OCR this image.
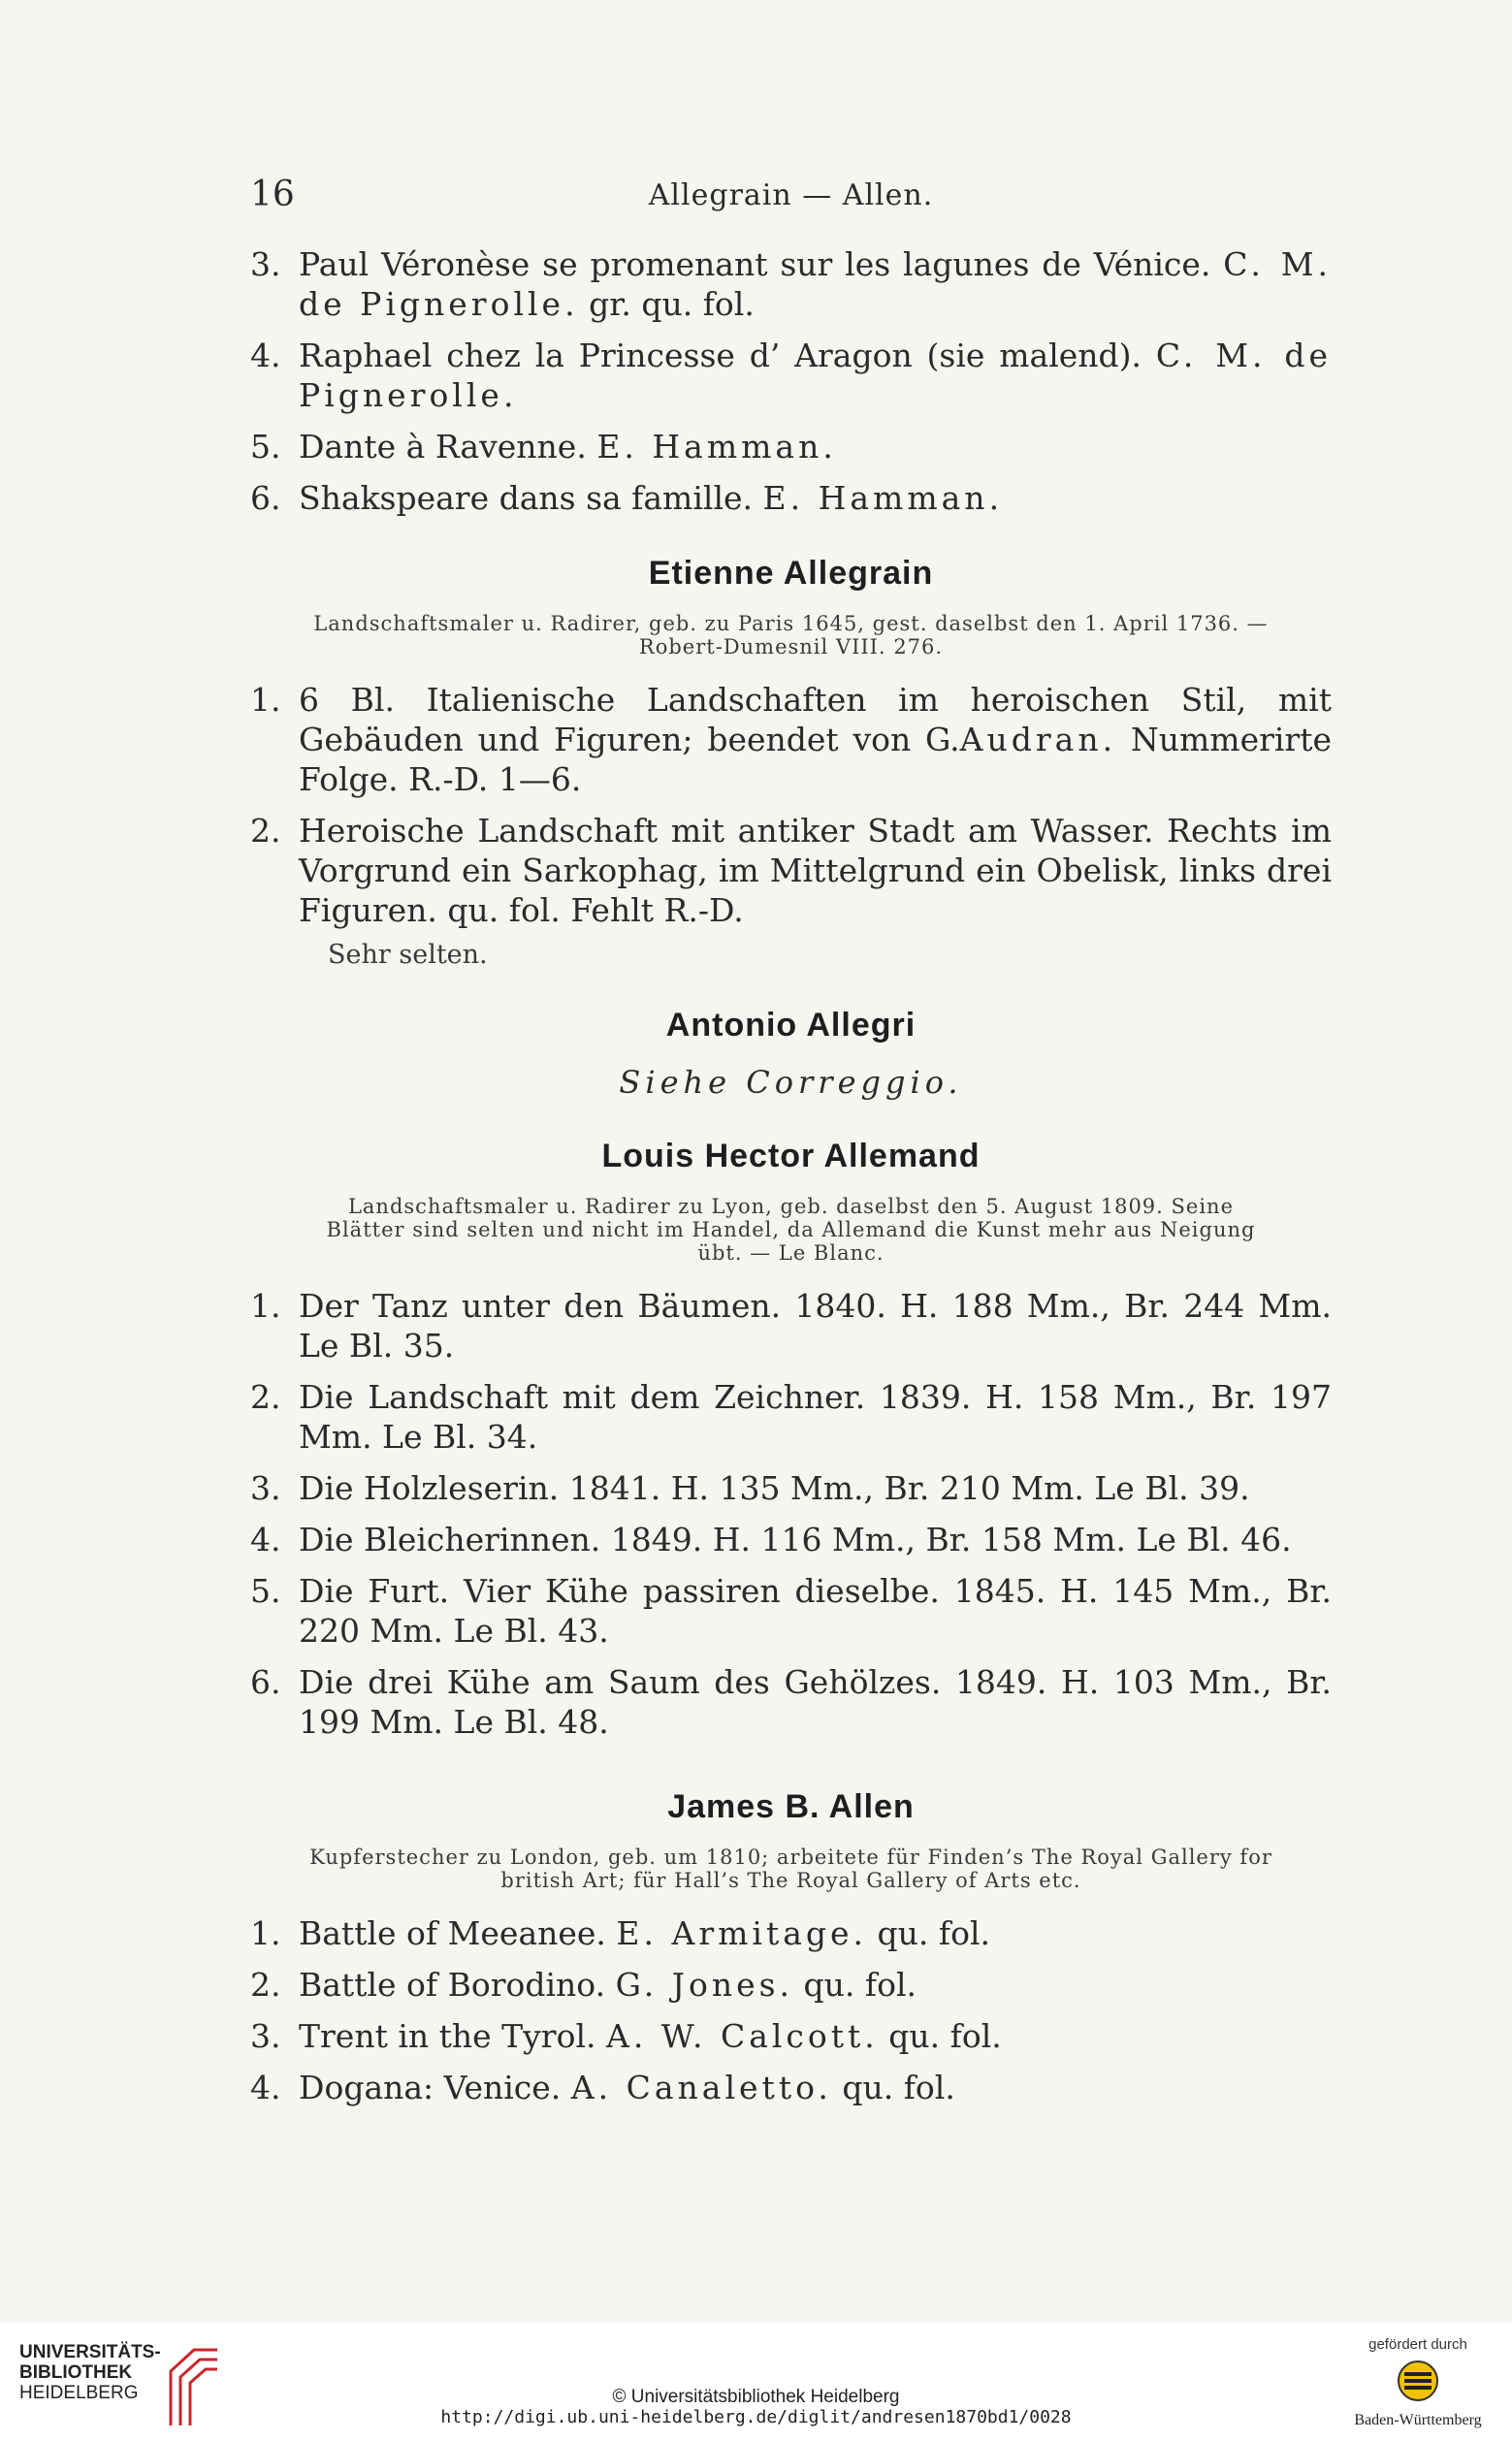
16	Allegrain — Allen.

3. Paul Véronèse se promenant sur les lagunes de Vénice. C. M. de Pignerolle. gr. qu. fol.

4. Raphael chez la Princesse d’ Aragon (sie malend). C. M. de Pignerolle.

5. Dante à Ravenne. E. Hamman.

6. Shakspeare dans sa famille. E. Hamman.

Etienne Allegrain
Landschaftsmaler u. Radirer, geb. zu Paris 1645, gest. daselbst den 1. April 1736. — Robert-Dumesnil VIII. 276.

1. 6 Bl. Italienische Landschaften im heroischen Stil, mit Gebäuden und Figuren; beendet von G.Audran. Nummerirte Folge. R.-D. 1—6.

2. Heroische Landschaft mit antiker Stadt am Wasser. Rechts im Vorgrund ein Sarkophag, im Mittelgrund ein Obelisk, links drei Figuren. qu. fol. Fehlt R.-D.

Sehr selten.
Antonio Allegri
Siehe Correggio.
Louis Hector Allemand
Landschaftsmaler u. Radirer zu Lyon, geb. daselbst den 5. August 1809. Seine Blätter sind selten und nicht im Handel, da Allemand die Kunst mehr aus Neigung übt. — Le Blanc.

1. Der Tanz unter den Bäumen. 1840. H. 188 Mm., Br. 244 Mm. Le Bl. 35.

2. Die Landschaft mit dem Zeichner. 1839. H. 158 Mm., Br. 197 Mm. Le Bl. 34.

3. Die Holzleserin. 1841. H. 135 Mm., Br. 210 Mm. Le Bl. 39.

4. Die Bleicherinnen. 1849. H. 116 Mm., Br. 158 Mm. Le Bl. 46.

5. Die Furt. Vier Kühe passiren dieselbe. 1845. H. 145 Mm., Br. 220 Mm. Le Bl. 43.

6. Die drei Kühe am Saum des Gehölzes. 1849. H. 103 Mm., Br. 199 Mm. Le Bl. 48.

James B. Allen
Kupferstecher zu London, geb. um 1810; arbeitete für Finden’s The Royal Gallery for british Art; für Hall’s The Royal Gallery of Arts etc.

1. Battle of Meeanee. E. Armitage. qu. fol.

2. Battle of Borodino. G. Jones. qu. fol.

3. Trent in the Tyrol. A. W. Calcott. qu. fol.

4. Dogana: Venice. A. Canaletto. qu. fol.

UNIVERSITÄTS-
BIBLIOTHEK
HEIDELBERG	© Universitätsbibliothek Heidelberg
http://digi.ub.uni-heidelberg.de/diglit/andresen1870bd1/0028
gefördert durch
Baden-Württemberg
